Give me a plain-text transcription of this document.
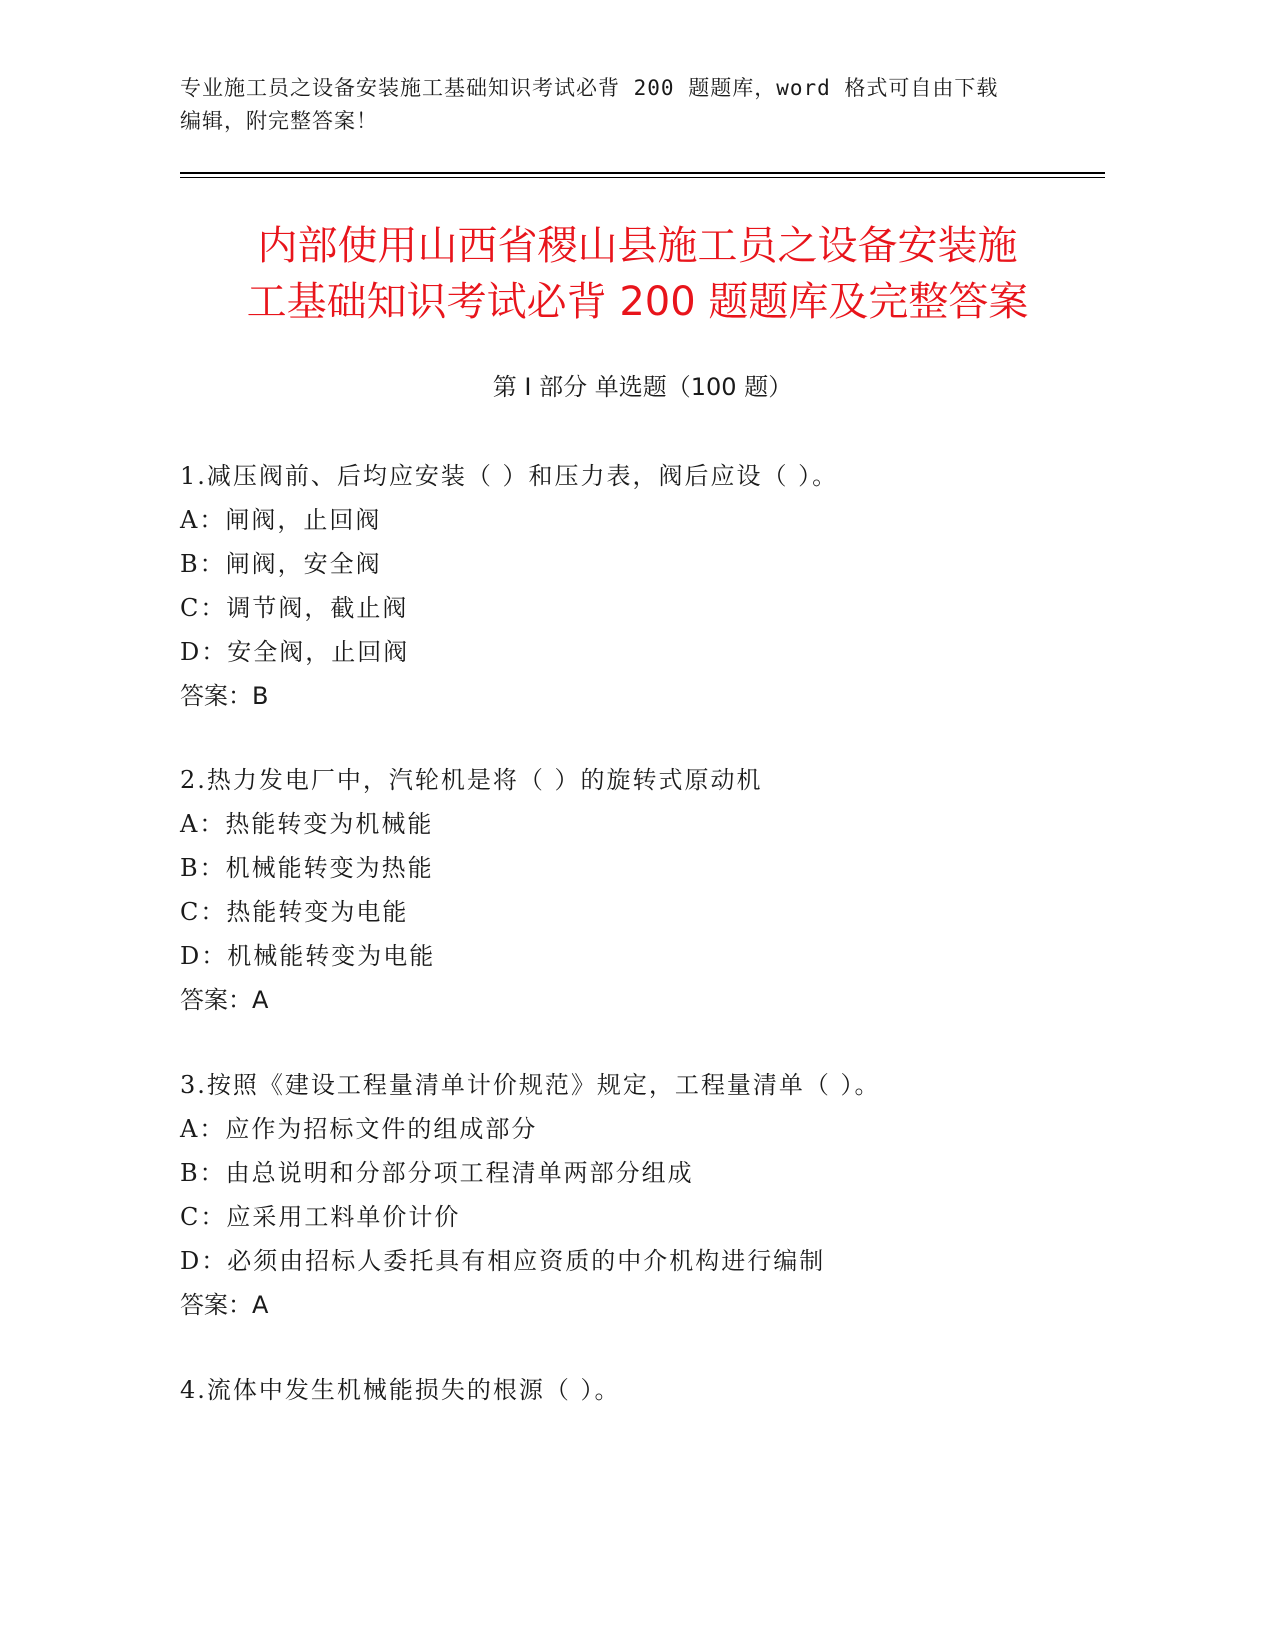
专业施工员之设备安装施工基础知识考试必背 200 题题库，word 格式可自由下载
编辑，附完整答案！
内部使用山西省稷山县施工员之设备安装施
工基础知识考试必背 200 题题库及完整答案
第 I 部分 单选题（100 题）
1.减压阀前、后均应安装（ ）和压力表，阀后应设（ ）。
A：闸阀，止回阀
B：闸阀，安全阀
C：调节阀，截止阀
D：安全阀，止回阀
答案：B
2.热力发电厂中，汽轮机是将（ ）的旋转式原动机
A：热能转变为机械能
B：机械能转变为热能
C：热能转变为电能
D：机械能转变为电能
答案：A
3.按照《建设工程量清单计价规范》规定，工程量清单（ ）。
A：应作为招标文件的组成部分
B：由总说明和分部分项工程清单两部分组成
C：应采用工料单价计价
D：必须由招标人委托具有相应资质的中介机构进行编制
答案：A
4.流体中发生机械能损失的根源（ ）。
